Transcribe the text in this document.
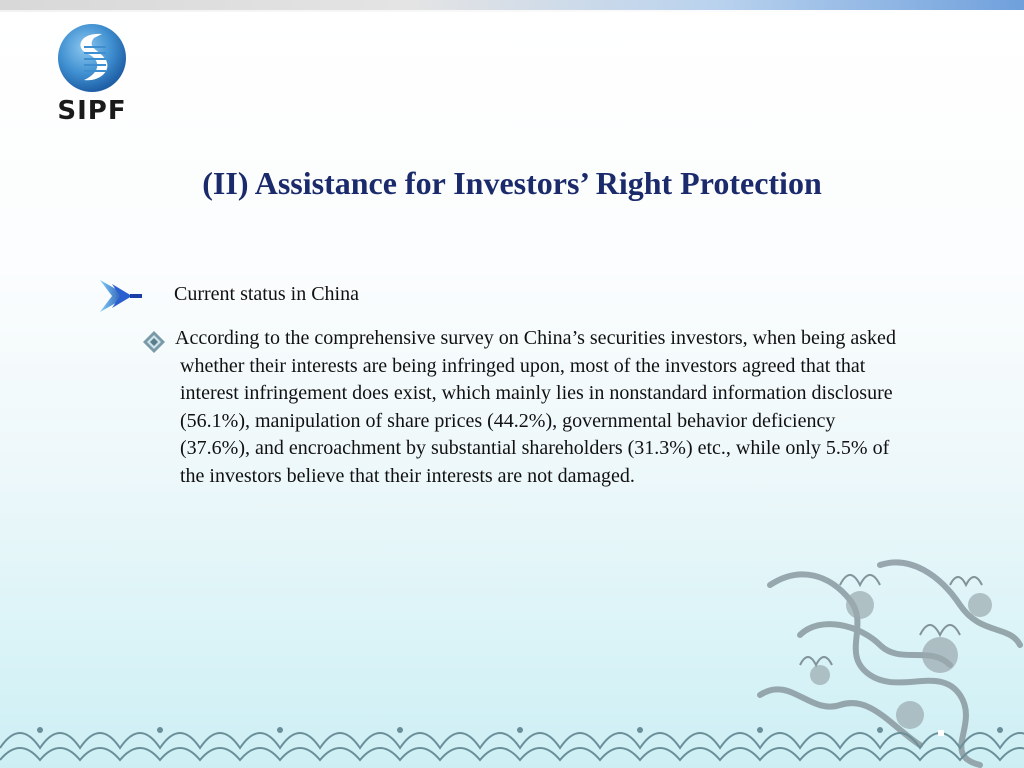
SIPF
(II) Assistance for Investors’ Right Protection
Current status in China
According to the comprehensive survey on China’s securities investors, when being asked whether their interests are being infringed upon, most of the investors agreed that that interest infringement does exist, which mainly lies in nonstandard information disclosure (56.1%), manipulation of share prices (44.2%), governmental behavior deficiency (37.6%), and encroachment by substantial shareholders (31.3%) etc., while only 5.5% of the investors believe that their interests are not damaged.
